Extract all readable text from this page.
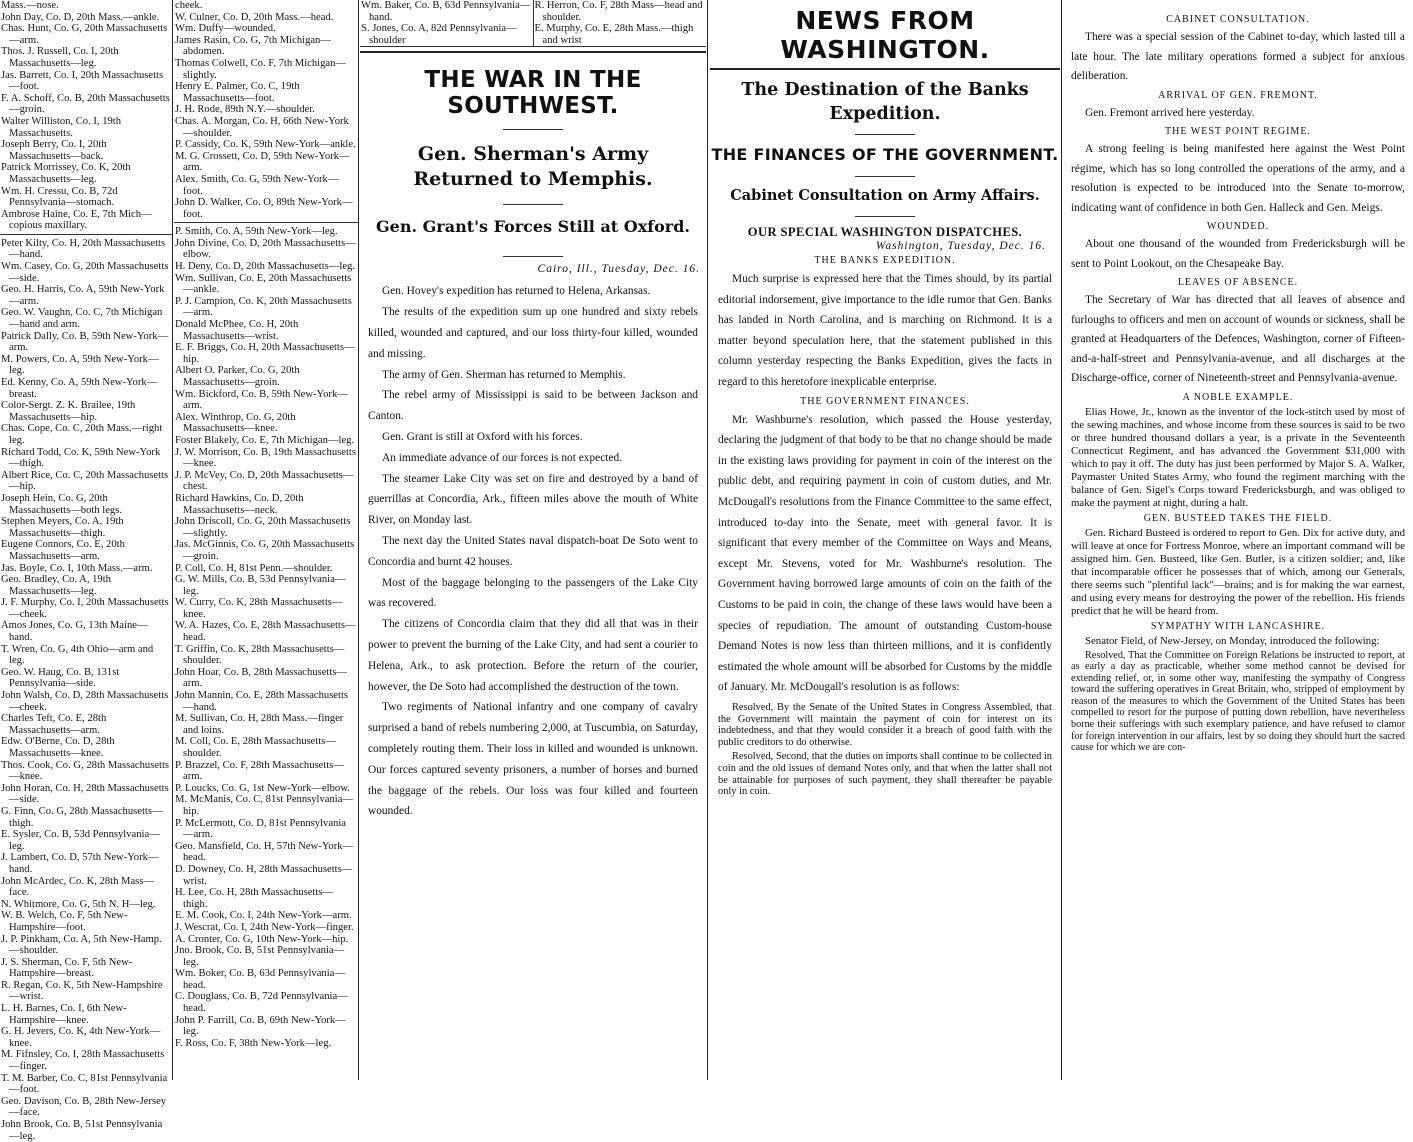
Mass.—nose.

John Day, Co. D, 20th Mass.—ankle.

Chas. Hunt, Co. G, 20th Massachusetts—arm.

Thos. J. Russell, Co. I, 20th Massachusetts—leg.

Jas. Barrett, Co. I, 20th Massachusetts—foot.

F. A. Schoff, Co. B, 20th Massachusetts—groin.

Walter Williston, Co. I, 19th Massachusetts.

Joseph Berry, Co. I, 20th Massachusetts—back.

Patrick Morrissey, Co. K, 20th Massachusetts—leg.

Wm. H. Cressu, Co. B, 72d Pennsylvania—stomach.

Ambrose Haine, Co. E, 7th Mich—copious maxillary.

Peter Kilty, Co. H, 20th Massachusetts—hand.

Wm. Casey, Co. G, 20th Massachusetts—side.

Geo. H. Harris, Co. A, 59th New-York—arm.

Geo. W. Vaughn, Co. C, 7th Michigan—hand and arm.

Patrick Dally, Co. B, 59th New-York—arm.

M. Powers, Co. A, 59th New-York—leg.

Ed. Kenny, Co. A, 59th New-York—breast.

Color-Sergt. Z. K. Brailee, 19th Massachusetts—hip.

Chas. Cope, Co. C, 20th Mass.—right leg.

Richard Todd, Co. K, 59th New-York—thigh.

Albert Rice, Co. C, 20th Massachusetts—hip.

Joseph Hein, Co. G, 20th Massachusetts—both legs.

Stephen Meyers, Co. A, 19th Massachusetts—thigh.

Eugene Connors, Co. E, 20th Massachusetts—arm.

Jas. Boyle, Co. I, 10th Mass.—arm.

Geo. Bradley, Co. A, 19th Massachusetts—leg.

J. F. Murphy, Co. I, 20th Massachusetts—cheek.

Amos Jones, Co. G, 13th Maine—hand.

T. Wren, Co. G, 4th Ohio—arm and leg.

Geo. W. Haug, Co. B, 131st Pennsylvania—side.

John Walsh, Co. D, 28th Massachusetts—cheek.

Charles Teft, Co. E, 28th Massachusetts—arm.

Edw. O'Berne, Co. D, 28th Massachusetts—knee.

Thos. Cook, Co. G, 28th Massachusetts—knee.

John Horan, Co. H, 28th Massachusetts—side.

G. Finn, Co. G, 28th Massachusetts—thigh.

E. Sysler, Co. B, 53d Pennsylvania—leg.

J. Lambert, Co. D, 57th New-York—hand.

John McArdec, Co. K, 28th Mass—face.

N. Whitmore, Co. G, 5th N. H—leg.

W. B. Welch, Co. F, 5th New-Hampshire—foot.

J. P. Pinkham, Co. A, 5th New-Hamp.—shoulder.

J. S. Sherman, Co. F, 5th New-Hampshire—breast.

R. Regan, Co. K, 5th New-Hampshire—wrist.

L. H. Barnes, Co. I, 6th New-Hampshire—knee.

G. H. Jevers, Co. K, 4th New-York—knee.

M. Fifnsley, Co. I, 28th Massachusetts—finger.

T. M. Barber, Co. C, 81st Pennsylvania—foot.

Geo. Davison, Co. B, 28th New-Jersey—face.

John Brook, Co. B, 51st Pennsylvania—leg.

cheek.

W. Culner, Co. D, 20th Mass.—head.

Wm. Duffy—wounded.

James Rasin, Co. G, 7th Michigan—abdomen.

Thomas Colwell, Co. F, 7th Michigan—slightly.

Henry E. Palmer, Co. C, 19th Massachusetts—foot.

J. H. Rode, 89th N.Y.—shoulder.

Chas. A. Morgan, Co. H, 66th New-York—shoulder.

P. Cassidy, Co. K, 59th New-York—ankle.

M. G. Crossett, Co. D, 59th New-York—arm.

Alex. Smith, Co. G, 59th New-York—foot.

John D. Walker, Co. O, 89th New-York—foot.

P. Smith, Co. A, 59th New-York—leg.

John Divine, Co. D, 20th Massachusetts—elbow.

H. Deny, Co. D, 20th Massachusetts—leg.

Wm. Sullivan, Co. E, 20th Massachusetts—ankle.

P. J. Campion, Co. K, 20th Massachusetts—arm.

Donald McPhee, Co. H, 20th Massachusetts—wrist.

E. F. Briggs, Co. H, 20th Massachusetts—hip.

Albert O. Parker, Co. G, 20th Massachusetts—groin.

Wm. Bickford, Co. B, 59th New-York—arm.

Alex. Winthrop, Co. G, 20th Massachusetts—knee.

Foster Blakely, Co. E, 7th Michigan—leg.

J. W. Morrison, Co. B, 19th Massachusetts—knee.

J. P. McVey, Co. D, 20th Massachusetts—chest.

Richard Hawkins, Co. D, 20th Massachusetts—neck.

John Driscoll, Co. G, 20th Massachusetts—slightly.

Jas. McGinnis, Co. G, 20th Massachusetts—groin.

P. Coll, Co. H, 81st Penn.—shoulder.

G. W. Mills, Co. B, 53d Pennsylvania—leg.

W. Curry, Co. K, 28th Massachusetts—knee.

W. A. Hazes, Co. E, 28th Massachusetts—head.

T. Griffin, Co. K, 28th Massachusetts—shoulder.

John Hoar, Co. B, 28th Massachusetts—arm.

John Mannin, Co. E, 28th Massachusetts—hand.

M. Sullivan, Co. H, 28th Mass.—finger and loins.

M. Coll, Co. E, 28th Massachusetts—shoulder.

P. Brazzel, Co. F, 28th Massachusetts—arm.

P. Loucks, Co. G, 1st New-York—elbow.

M. McManis, Co. C, 81st Pennsylvania—hip.

P. McLermott, Co. D, 81st Pennsylvania—arm.

Geo. Mansfield, Co. H, 57th New-York—head.

D. Downey, Co. H, 28th Massachusetts—wrist.

H. Lee, Co. H, 28th Massachusetts—thigh.

E. M. Cook, Co. I, 24th New-York—arm.

J. Wescrat, Co. I, 24th New-York—finger.

A. Cronter, Co. G, 10th New-York—hip.

Jno. Brook, Co. B, 51st Pennsylvania—leg.

Wm. Boker, Co. B, 63d Pennsylvania—head.

C. Douglass, Co. B, 72d Pennsylvania—head.

John P. Farrill, Co. B, 69th New-York—leg.

F. Ross, Co. F, 38th New-York—leg.

Wm. Baker, Co. B, 63d Pennsylvania—hand.

S. Jones, Co. A, 82d Pennsylvania—shoulder

R. Herron, Co. F, 28th Mass—head and shoulder.

E. Murphy, Co. E, 28th Mass.—thigh and wrist

THE WAR IN THE SOUTHWEST.
Gen. Sherman's Army Returned to Memphis.
Gen. Grant's Forces Still at Oxford.
Cairo, Ill., Tuesday, Dec. 16.

Gen. Hovey's expedition has returned to Helena, Arkansas.

The results of the expedition sum up one hundred and sixty rebels killed, wounded and captured, and our loss thirty-four killed, wounded and missing.

The army of Gen. Sherman has returned to Memphis.

The rebel army of Mississippi is said to be between Jackson and Canton.

Gen. Grant is still at Oxford with his forces.

An immediate advance of our forces is not expected.

The steamer Lake City was set on fire and destroyed by a band of guerrillas at Concordia, Ark., fifteen miles above the mouth of White River, on Monday last.

The next day the United States naval dispatch-boat De Soto went to Concordia and burnt 42 houses.

Most of the baggage belonging to the passengers of the Lake City was recovered.

The citizens of Concordia claim that they did all that was in their power to prevent the burning of the Lake City, and had sent a courier to Helena, Ark., to ask protection. Before the return of the courier, however, the De Soto had accomplished the destruction of the town.

Two regiments of National infantry and one company of cavalry surprised a band of rebels numbering 2,000, at Tuscumbia, on Saturday, completely routing them. Their loss in killed and wounded is unknown. Our forces captured seventy prisoners, a number of horses and burned the baggage of the rebels. Our loss was four killed and fourteen wounded.

NEWS FROM WASHINGTON.
The Destination of the Banks Expedition.
THE FINANCES OF THE GOVERNMENT.
Cabinet Consultation on Army Affairs.
OUR SPECIAL WASHINGTON DISPATCHES.
Washington, Tuesday, Dec. 16.
THE BANKS EXPEDITION.

Much surprise is expressed here that the Times should, by its partial editorial indorsement, give importance to the idle rumor that Gen. Banks has landed in North Carolina, and is marching on Richmond. It is a matter beyond speculation here, that the statement published in this column yesterday respecting the Banks Expedition, gives the facts in regard to this heretofore inexplicable enterprise.

THE GOVERNMENT FINANCES.

Mr. Washburne's resolution, which passed the House yesterday, declaring the judgment of that body to be that no change should be made in the existing laws providing for payment in coin of the interest on the public debt, and requiring payment in coin of custom duties, and Mr. McDougall's resolutions from the Finance Committee to the same effect, introduced to-day into the Senate, meet with general favor. It is significant that every member of the Committee on Ways and Means, except Mr. Stevens, voted for Mr. Washburne's resolution. The Government having borrowed large amounts of coin on the faith of the Customs to be paid in coin, the change of these laws would have been a species of repudiation. The amount of outstanding Custom-house Demand Notes is now less than thirteen millions, and it is confidently estimated the whole amount will be absorbed for Customs by the middle of January. Mr. McDougall's resolution is as follows:

Resolved, By the Senate of the United States in Congress Assembled, that the Government will maintain the payment of coin for interest on its indebtedness, and that they would consider it a breach of good faith with the public creditors to do otherwise.

Resolved, Second, that the duties on imports shall continue to be collected in coin and the old issues of demand Notes only, and that when the latter shall not be attainable for purposes of such payment, they shall thereafter be payable only in coin.

CABINET CONSULTATION.

There was a special session of the Cabinet to-day, which lasted till a late hour. The late military operations formed a subject for anxious deliberation.

ARRIVAL OF GEN. FREMONT.

Gen. Fremont arrived here yesterday.

THE WEST POINT REGIME.

A strong feeling is being manifested here against the West Point régime, which has so long controlled the operations of the army, and a resolution is expected to be introduced into the Senate to-morrow, indicating want of confidence in both Gen. Halleck and Gen. Meigs.

WOUNDED.

About one thousand of the wounded from Fredericksburgh will be sent to Point Lookout, on the Chesapeake Bay.

LEAVES OF ABSENCE.

The Secretary of War has directed that all leaves of absence and furloughs to officers and men on account of wounds or sickness, shall be granted at Headquarters of the Defences, Washington, corner of Fifteen-and-a-half-street and Pennsylvania-avenue, and all discharges at the Discharge-office, corner of Nineteenth-street and Pennsylvania-avenue.

A NOBLE EXAMPLE.

Elias Howe, Jr., known as the inventor of the lock-stitch used by most of the sewing machines, and whose income from these sources is said to be two or three hundred thousand dollars a year, is a private in the Seventeenth Connecticut Regiment, and has advanced the Government $31,000 with which to pay it off. The duty has just been performed by Major S. A. Walker, Paymaster United States Army, who found the regiment marching with the balance of Gen. Sigel's Corps toward Fredericksburgh, and was obliged to make the payment at night, during a halt.

GEN. BUSTEED TAKES THE FIELD.

Gen. Richard Busteed is ordered to report to Gen. Dix for active duty, and will leave at once for Fortress Monroe, where an important command will be assigned him. Gen. Busteed, like Gen. Butler, is a citizen soldier; and, like that incomparable officer he possesses that of which, among our Generals, there seems such "plentiful lack"—brains; and is for making the war earnest, and using every means for destroying the power of the rebellion. His friends predict that he will be heard from.

SYMPATHY WITH LANCASHIRE.

Senator Field, of New-Jersey, on Monday, introduced the following:

Resolved, That the Committee on Foreign Relations be instructed to report, at as early a day as practicable, whether some method cannot be devised for extending relief, or, in some other way, manifesting the sympathy of Congress toward the suffering operatives in Great Britain, who, stripped of employment by reason of the measures to which the Government of the United States has been compelled to resort for the purpose of putting down rebellion, have nevertheless borne their sufferings with such exemplary patience, and have refused to clamor for foreign intervention in our affairs, lest by so doing they should hurt the sacred cause for which we are con-
